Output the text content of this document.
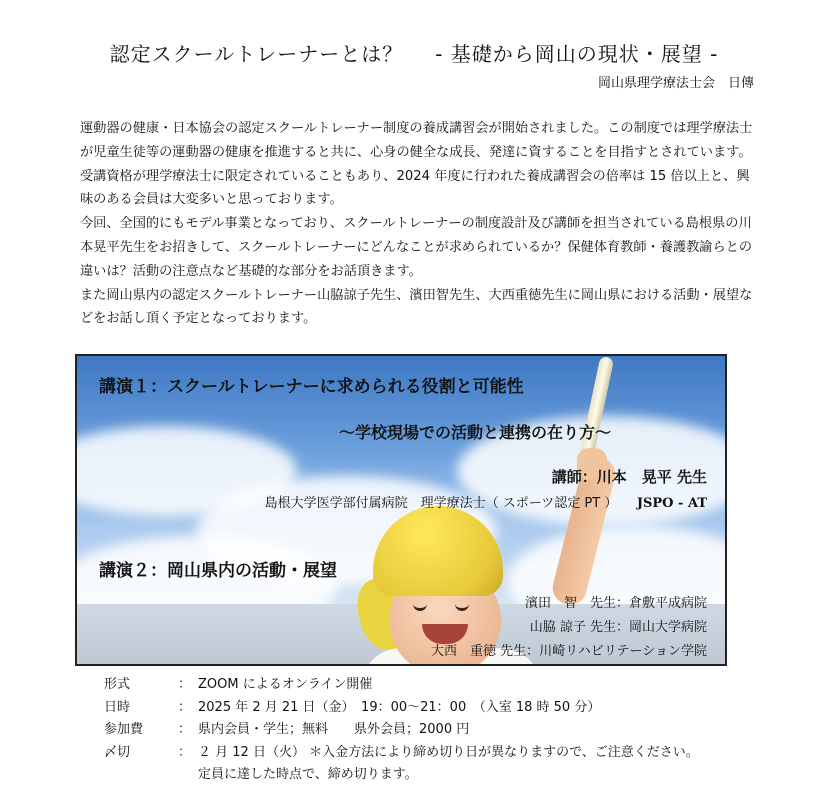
認定スクールトレーナーとは？ - 基礎から岡山の現状・展望 -
岡山県理学療法士会　日傳

運動器の健康・日本協会の認定スクールトレーナー制度の養成講習会が開始されました。この制度では理学療法士が児童生徒等の運動器の健康を推進すると共に、心身の健全な成長、発達に資することを目指すとされています。

受講資格が理学療法士に限定されていることもあり、2024 年度に行われた養成講習会の倍率は 15 倍以上と、興味のある会員は大変多いと思っております。

今回、全国的にもモデル事業となっており、スクールトレーナーの制度設計及び講師を担当されている島根県の川本晃平先生をお招きして、スクールトレーナーにどんなことが求められているか？保健体育教師・養護教諭らとの違いは？活動の注意点など基礎的な部分をお話頂きます。

また岡山県内の認定スクールトレーナー山脇諒子先生、濱田智先生、大西重徳先生に岡山県における活動・展望などをお話し頂く予定となっております。

講演１：スクールトレーナーに求められる役割と可能性
～学校現場での活動と連携の在り方～
講師：川本　晃平 先生
島根大学医学部付属病院　理学療法士（ スポーツ認定 PT ）　　 JSPO - AT
講演２：岡山県内の活動・展望
濱田　智　先生：倉敷平成病院
山脇 諒子 先生：岡山大学病院
大西　重徳 先生：川崎リハビリテーション学院
形式	： ZOOM によるオンライン開催
日時	： 2025 年 2 月 21 日（金）　19：00～21：00　（入室 18 時 50 分）
参加費	： 県内会員・学生；無料　　県外会員；2000 円
〆切	： ２ 月 12 日（火） ＊入金方法により締め切り日が異なりますので、ご注意ください。
定員に達した時点で、締め切ります。
